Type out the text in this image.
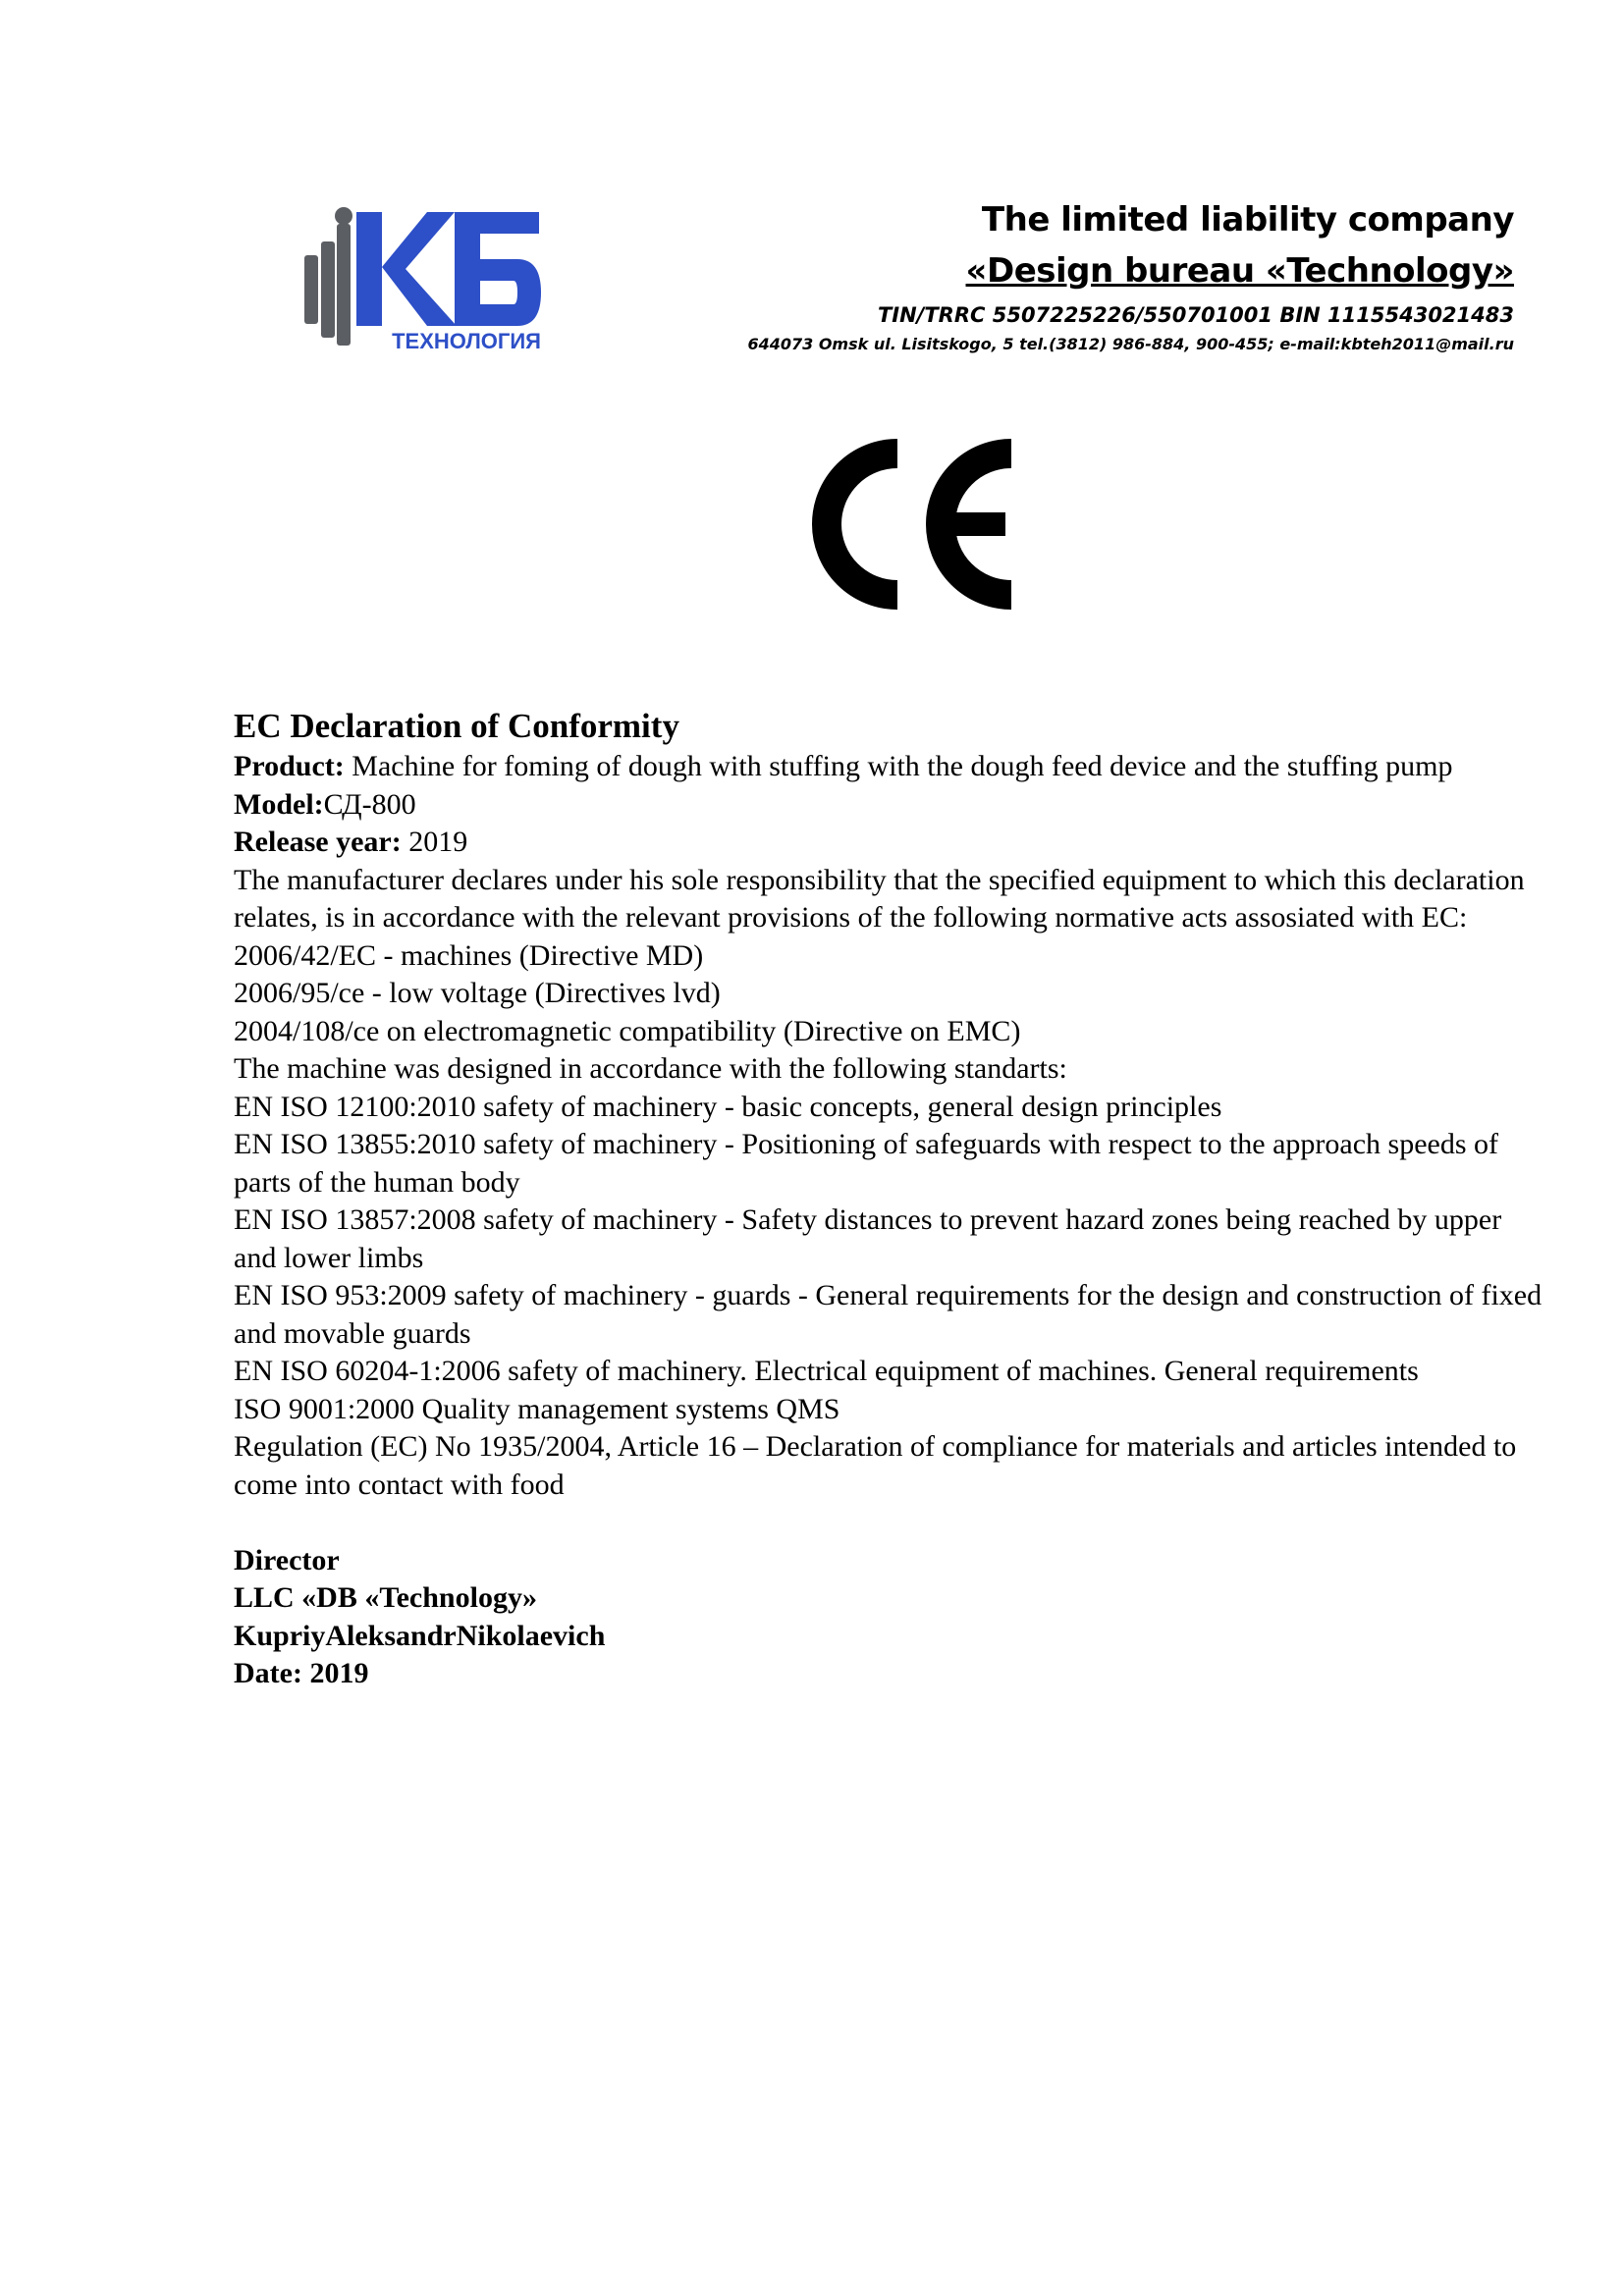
ТЕХНОЛОГИЯ
The limited liability company
«Design bureau «Technology»
TIN/TRRC 5507225226/550701001 BIN 1115543021483
644073 Omsk ul. Lisitskogo, 5 tel.(3812) 986-884, 900-455; e-mail:kbteh2011@mail.ru
EC Declaration of Conformity
Product: Machine for foming of dough with stuffing with the dough feed device and the stuffing pump
Model:СД-800
Release year: 2019
The manufacturer declares under his sole responsibility that the specified equipment to which this declaration relates, is in accordance with the relevant provisions of the following normative acts assosiated with EC:
2006/42/EC - machines (Directive MD)
2006/95/ce - low voltage (Directives lvd)
2004/108/ce on electromagnetic compatibility (Directive on EMC)
The machine was designed in accordance with the following standarts:
EN ISO 12100:2010 safety of machinery - basic concepts, general design principles
EN ISO 13855:2010 safety of machinery - Positioning of safeguards with respect to the approach speeds of parts of the human body
EN ISO 13857:2008 safety of machinery - Safety distances to prevent hazard zones being reached by upper and lower limbs
EN ISO 953:2009 safety of machinery - guards - General requirements for the design and construction of fixed and movable guards
EN ISO 60204-1:2006 safety of machinery. Electrical equipment of machines. General requirements
ISO 9001:2000 Quality management systems QMS
Regulation (EC) No 1935/2004, Article 16 – Declaration of compliance for materials and articles intended to come into contact with food
Director
LLC «DB «Technology»
KupriyAleksandrNikolaevich
Date: 2019
